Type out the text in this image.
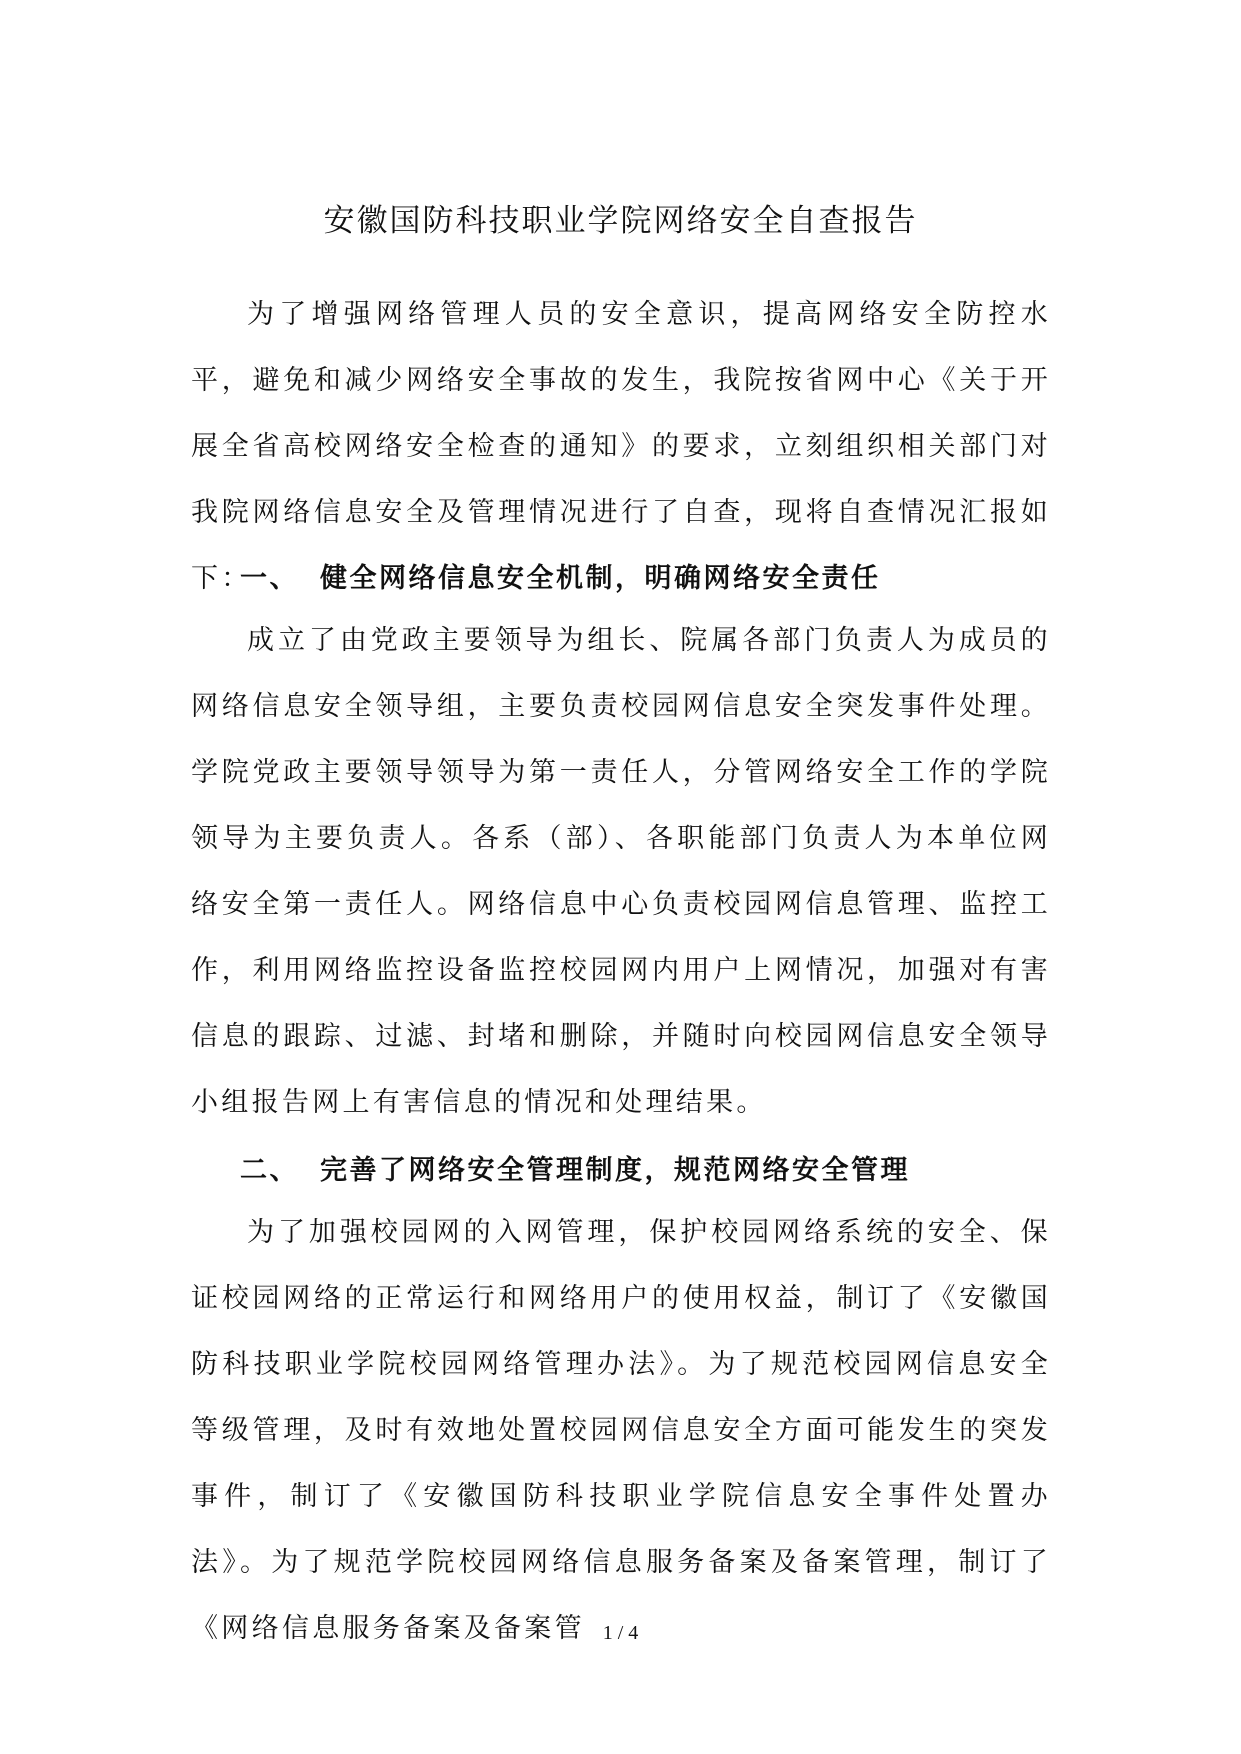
安徽国防科技职业学院网络安全自查报告

为了增强网络管理人员的安全意识，提高网络安全防控水平，避免和减少网络安全事故的发生，我院按省网中心《关于开展全省高校网络安全检查的通知》的要求，立刻组织相关部门对我院网络信息安全及管理情况进行了自查，现将自查情况汇报如下：

一、 健全网络信息安全机制，明确网络安全责任

成立了由党政主要领导为组长、院属各部门负责人为成员的网络信息安全领导组，主要负责校园网信息安全突发事件处理。学院党政主要领导领导为第一责任人，分管网络安全工作的学院领导为主要负责人。各系（部）、各职能部门负责人为本单位网络安全第一责任人。网络信息中心负责校园网信息管理、监控工作，利用网络监控设备监控校园网内用户上网情况，加强对有害信息的跟踪、过滤、封堵和删除，并随时向校园网信息安全领导小组报告网上有害信息的情况和处理结果。

二、 完善了网络安全管理制度，规范网络安全管理

为了加强校园网的入网管理，保护校园网络系统的安全、保证校园网络的正常运行和网络用户的使用权益，制订了《安徽国防科技职业学院校园网络管理办法》。为了规范校园网信息安全等级管理，及时有效地处置校园网信息安全方面可能发生的突发事件，制订了《安徽国防科技职业学院信息安全事件处置办法》。为了规范学院校园网络信息服务备案及备案管理，制订了《网络信息服务备案及备案管 1 / 4
